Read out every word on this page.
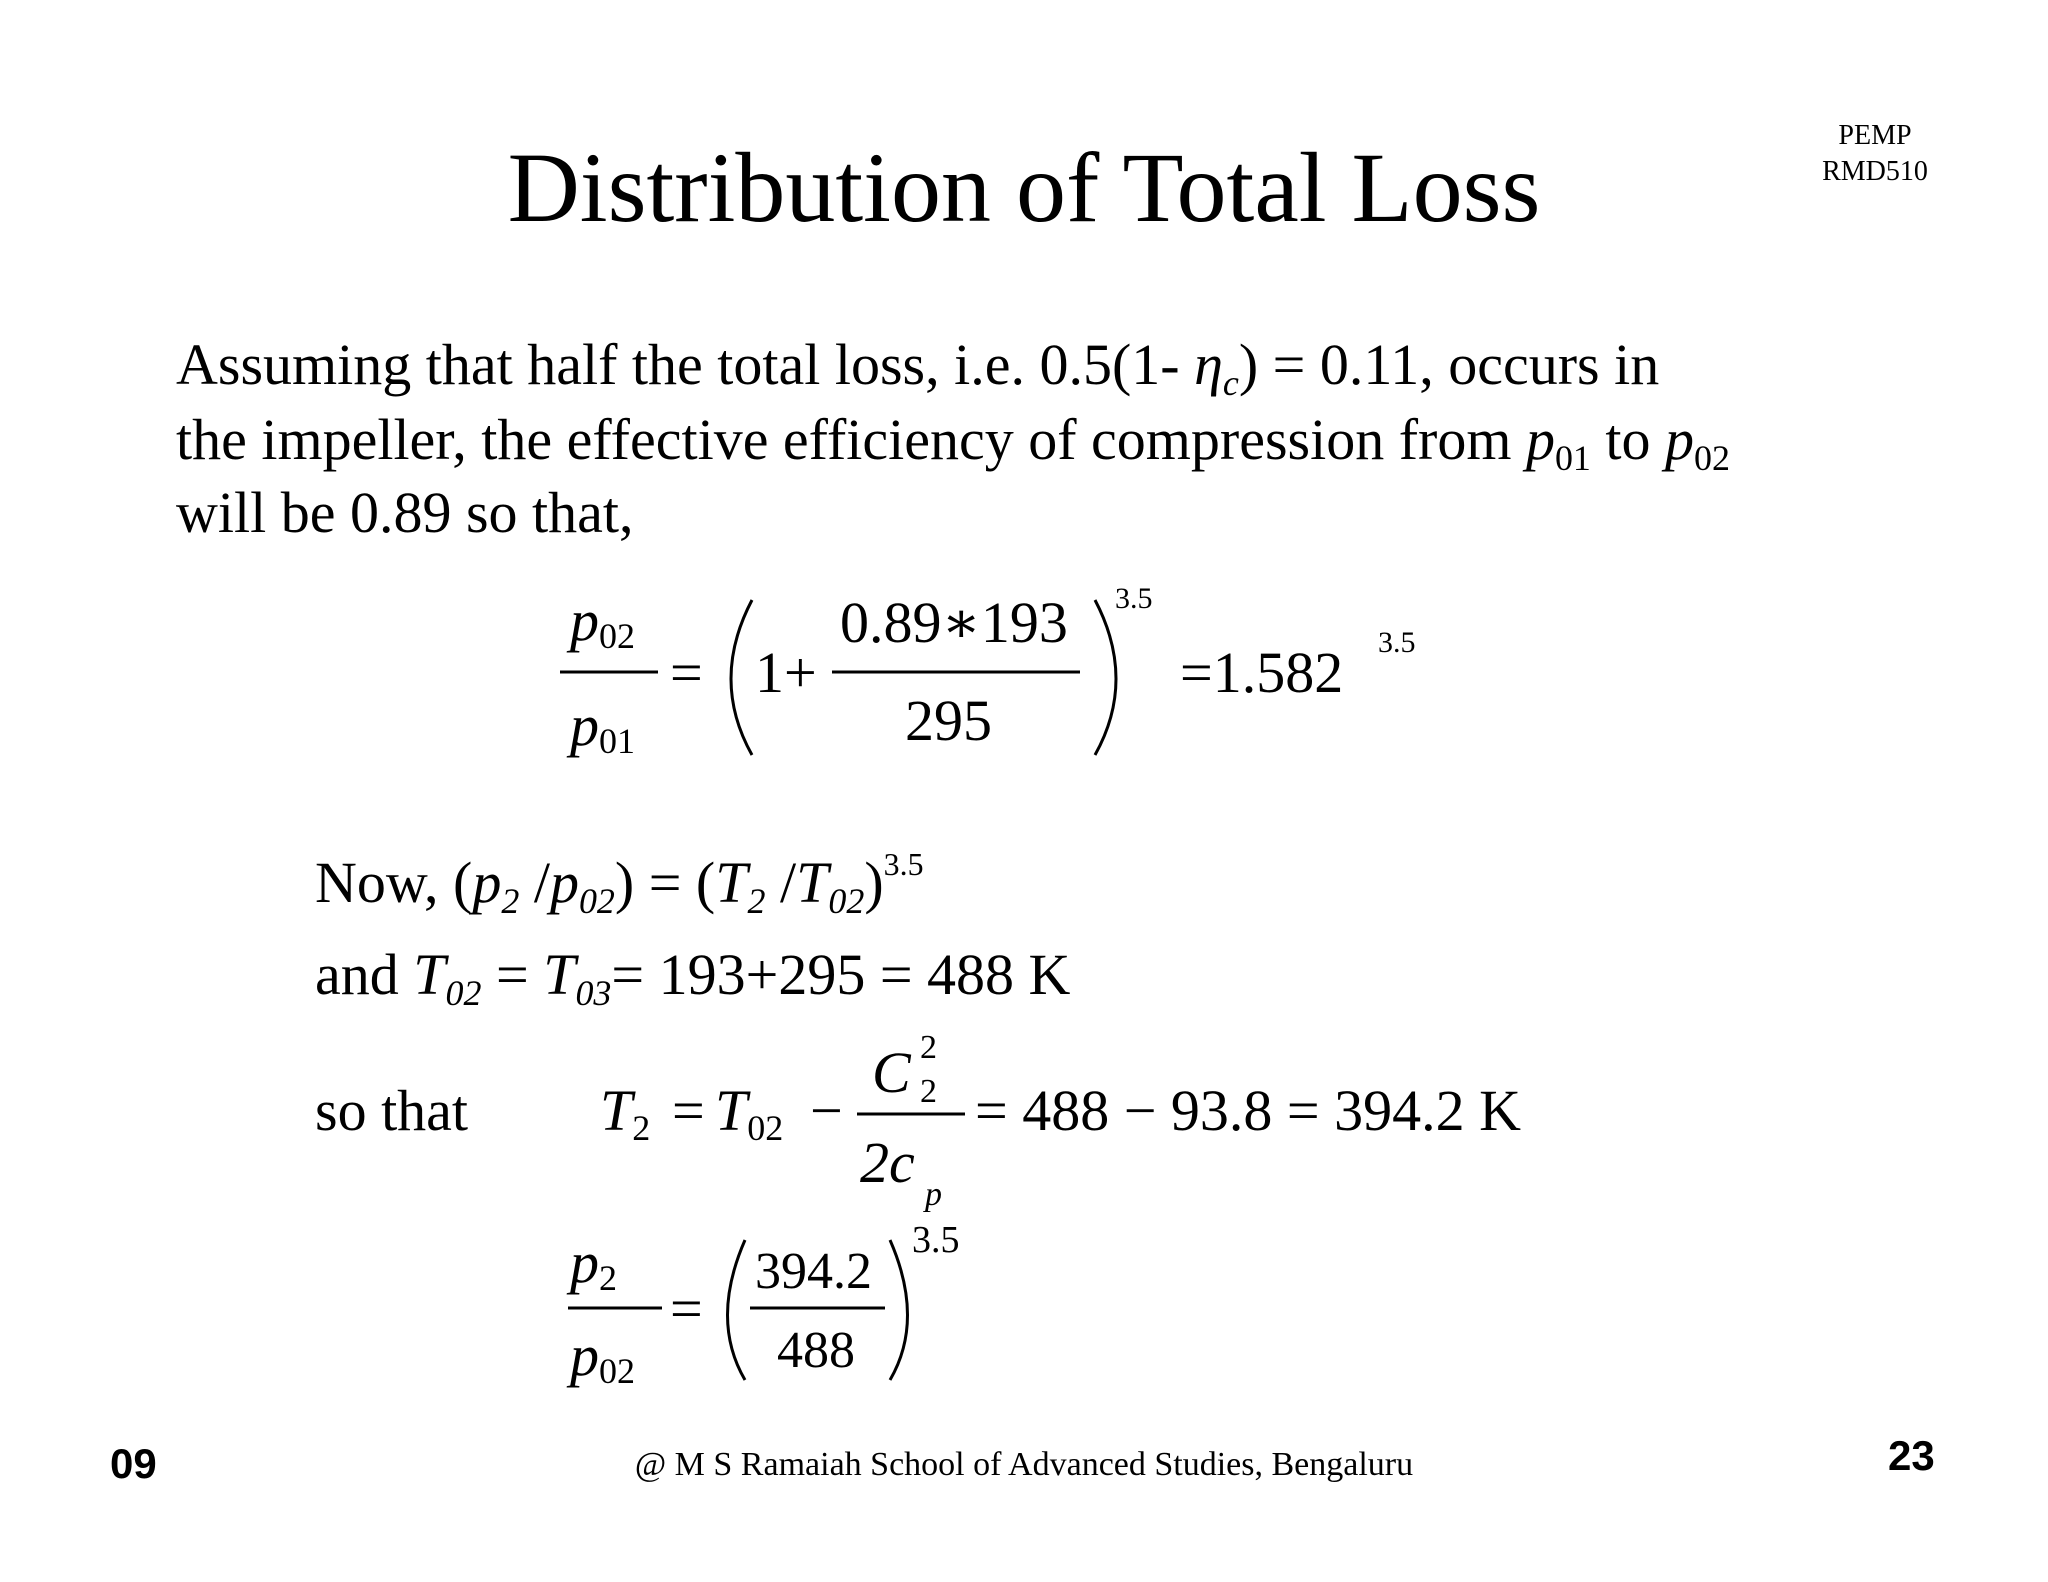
Distribution of Total Loss	PEMP
RMD510
Assuming that half the total loss, i.e. 0.5(1- $\eta_c) = 0.11$, occurs in
the impeller, the effective efficiency of compression from $p_{01}$ to $p_{02}$
will be 0.89 so that,
p02
p01
= 1+
0.89∗193
295
3.5
=1.582 3.5
Now, ($p_2$ $/p_{02}) = (T_2$ $/T_{02})^{3.5}$
and $T_{02} = T_{03}= 193+295 = 488$ K
so that T2 = T02 −
C 2
2
2c p
= 488 − 93.8 = 394.2 K
p2
p02
=
394.2
488
3.5
09	@ M S Ramaiah School of Advanced Studies, Bengaluru	23
